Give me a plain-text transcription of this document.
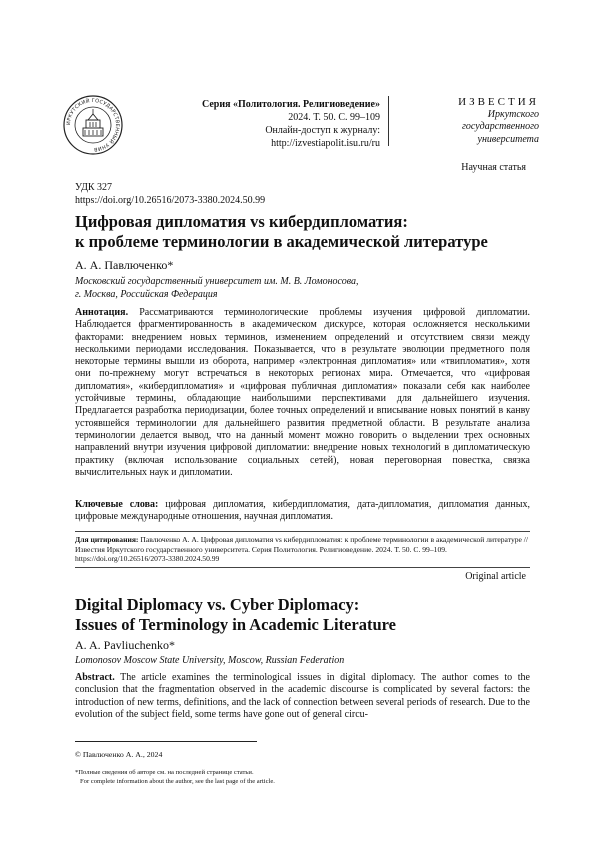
ИРКУТСКИЙ ГОСУДАРСТВЕННЫЙ УНИВ
Серия «Политология. Религиоведение»
2024. Т. 50. С. 99–109
Онлайн-доступ к журналу:
http://izvestiapolit.isu.ru/ru
ИЗВЕСТИЯ
Иркутского
государственного
университета
Научная статья
УДК 327
https://doi.org/10.26516/2073-3380.2024.50.99
Цифровая дипломатия vs кибердипломатия:
к проблеме терминологии в академической литературе
А. А. Павлюченко*
Московский государственный университет им. М. В. Ломоносова,
г. Москва, Российская Федерация

Аннотация. Рассматриваются терминологические проблемы изучения цифровой дипломатии. Наблюдается фрагментированность в академическом дискурсе, которая осложняется несколькими факторами: внедрением новых терминов, изменением определений и отсутствием связи между несколькими периодами исследования. Показывается, что в результате эволюции предметного поля некоторые термины вышли из оборота, например «электронная дипломатия» или «твипломатия», хотя они по-прежнему могут встречаться в некоторых регионах мира. Отмечается, что «цифровая дипломатия», «кибердипломатия» и «цифровая публичная дипломатия» показали себя как наиболее устойчивые термины, обладающие наибольшими перспективами для дальнейшего изучения. Предлагается разработка периодизации, более точных определений и вписывание новых понятий в канву устоявшейся терминологии для дальнейшего развития предметной области. В результате анализа терминологии делается вывод, что на данный момент можно говорить о выделении трех основных направлений внутри изучения цифровой дипломатии: внедрение новых технологий в дипломатическую практику (включая использование социальных сетей), новая переговорная повестка, связка вычислительных наук и дипломатии.

Ключевые слова: цифровая дипломатия, кибердипломатия, дата-дипломатия, дипломатия данных, цифровые международные отношения, научная дипломатия.

Для цитирования: Павлюченко А. А. Цифровая дипломатия vs кибердипломатия: к проблеме терминологии в академической литературе // Известия Иркутского государственного университета. Серия Политология. Религиоведение. 2024. Т. 50. С. 99–109. https://doi.org/10.26516/2073-3380.2024.50.99

Original article
Digital Diplomacy vs. Cyber Diplomacy:
Issues of Terminology in Academic Literature
A. A. Pavliuchenko*
Lomonosov Moscow State University, Moscow, Russian Federation

Abstract. The article examines the terminological issues in digital diplomacy. The author comes to the conclusion that the fragmentation observed in the academic discourse is complicated by several factors: the introduction of new terms, definitions, and the lack of connection between several periods of research. Due to the evolution of the subject field, some terms have gone out of general circu-

© Павлюченко А. А., 2024
*Полные сведения об авторе см. на последней странице статьи.
For complete information about the author, see the last page of the article.
